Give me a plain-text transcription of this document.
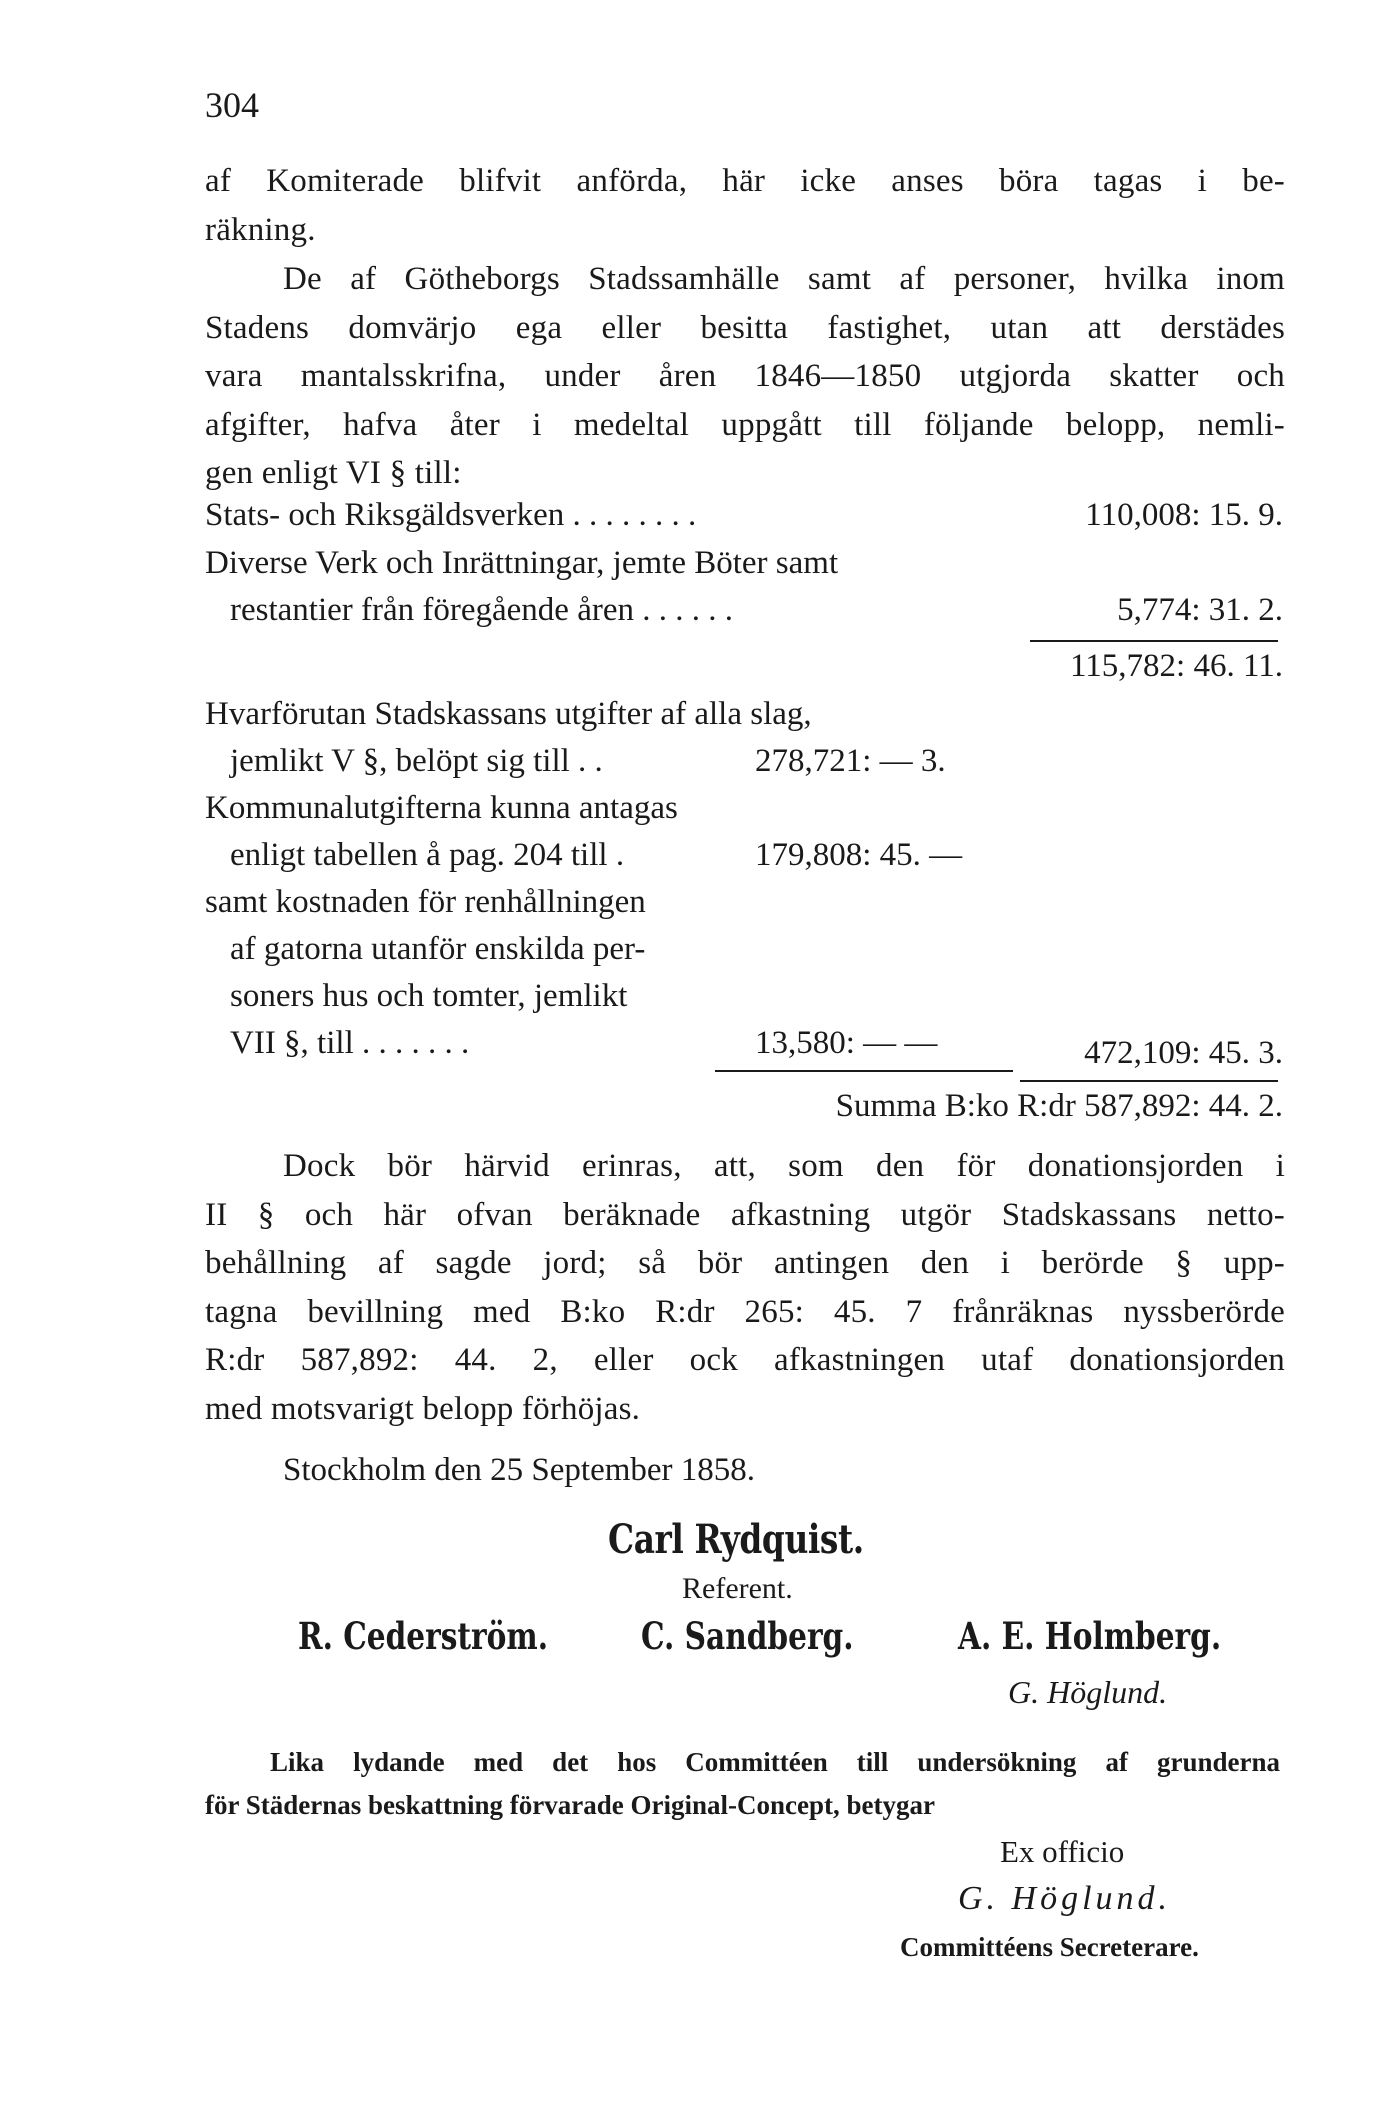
304
af Komiterade blifvit anförda, här icke anses böra tagas i be-
räkning.
De af Götheborgs Stadssamhälle samt af personer, hvilka inom
Stadens domvärjo ega eller besitta fastighet, utan att derstädes
vara mantalsskrifna, under åren 1846—1850 utgjorda skatter och
afgifter, hafva åter i medeltal uppgått till följande belopp, nemli-
gen enligt VI § till:
Stats- och Riksgäldsverken . . . . . . . .	110,008: 15. 9.
Diverse Verk och Inrättningar, jemte Böter samt
restantier från föregående åren . . . . . .	5,774: 31. 2.
115,782: 46. 11.
Hvarförutan Stadskassans utgifter af alla slag,
jemlikt V §, belöpt sig till . .	278,721: — 3.
Kommunalutgifterna kunna antagas
enligt tabellen å pag. 204 till .	179,808: 45. —
samt kostnaden för renhållningen
af gatorna utanför enskilda per-
soners hus och tomter, jemlikt
VII §, till . . . . . . .	13,580: — —	472,109: 45. 3.
Summa B:ko R:dr 587,892: 44. 2.
Dock bör härvid erinras, att, som den för donationsjorden i
II § och här ofvan beräknade afkastning utgör Stadskassans netto-
behållning af sagde jord; så bör antingen den i berörde § upp-
tagna bevillning med B:ko R:dr 265: 45. 7 frånräknas nyssberörde
R:dr 587,892: 44. 2, eller ock afkastningen utaf donationsjorden
med motsvarigt belopp förhöjas.
Stockholm den 25 September 1858.
Carl Rydquist.
Referent.
R. Cederström.	C. Sandberg.	A. E. Holmberg.
G. Höglund.
Lika lydande med det hos Committéen till undersökning af grunderna
för Städernas beskattning förvarade Original-Concept, betygar
Ex officio
G. Höglund.
Committéens Secreterare.
